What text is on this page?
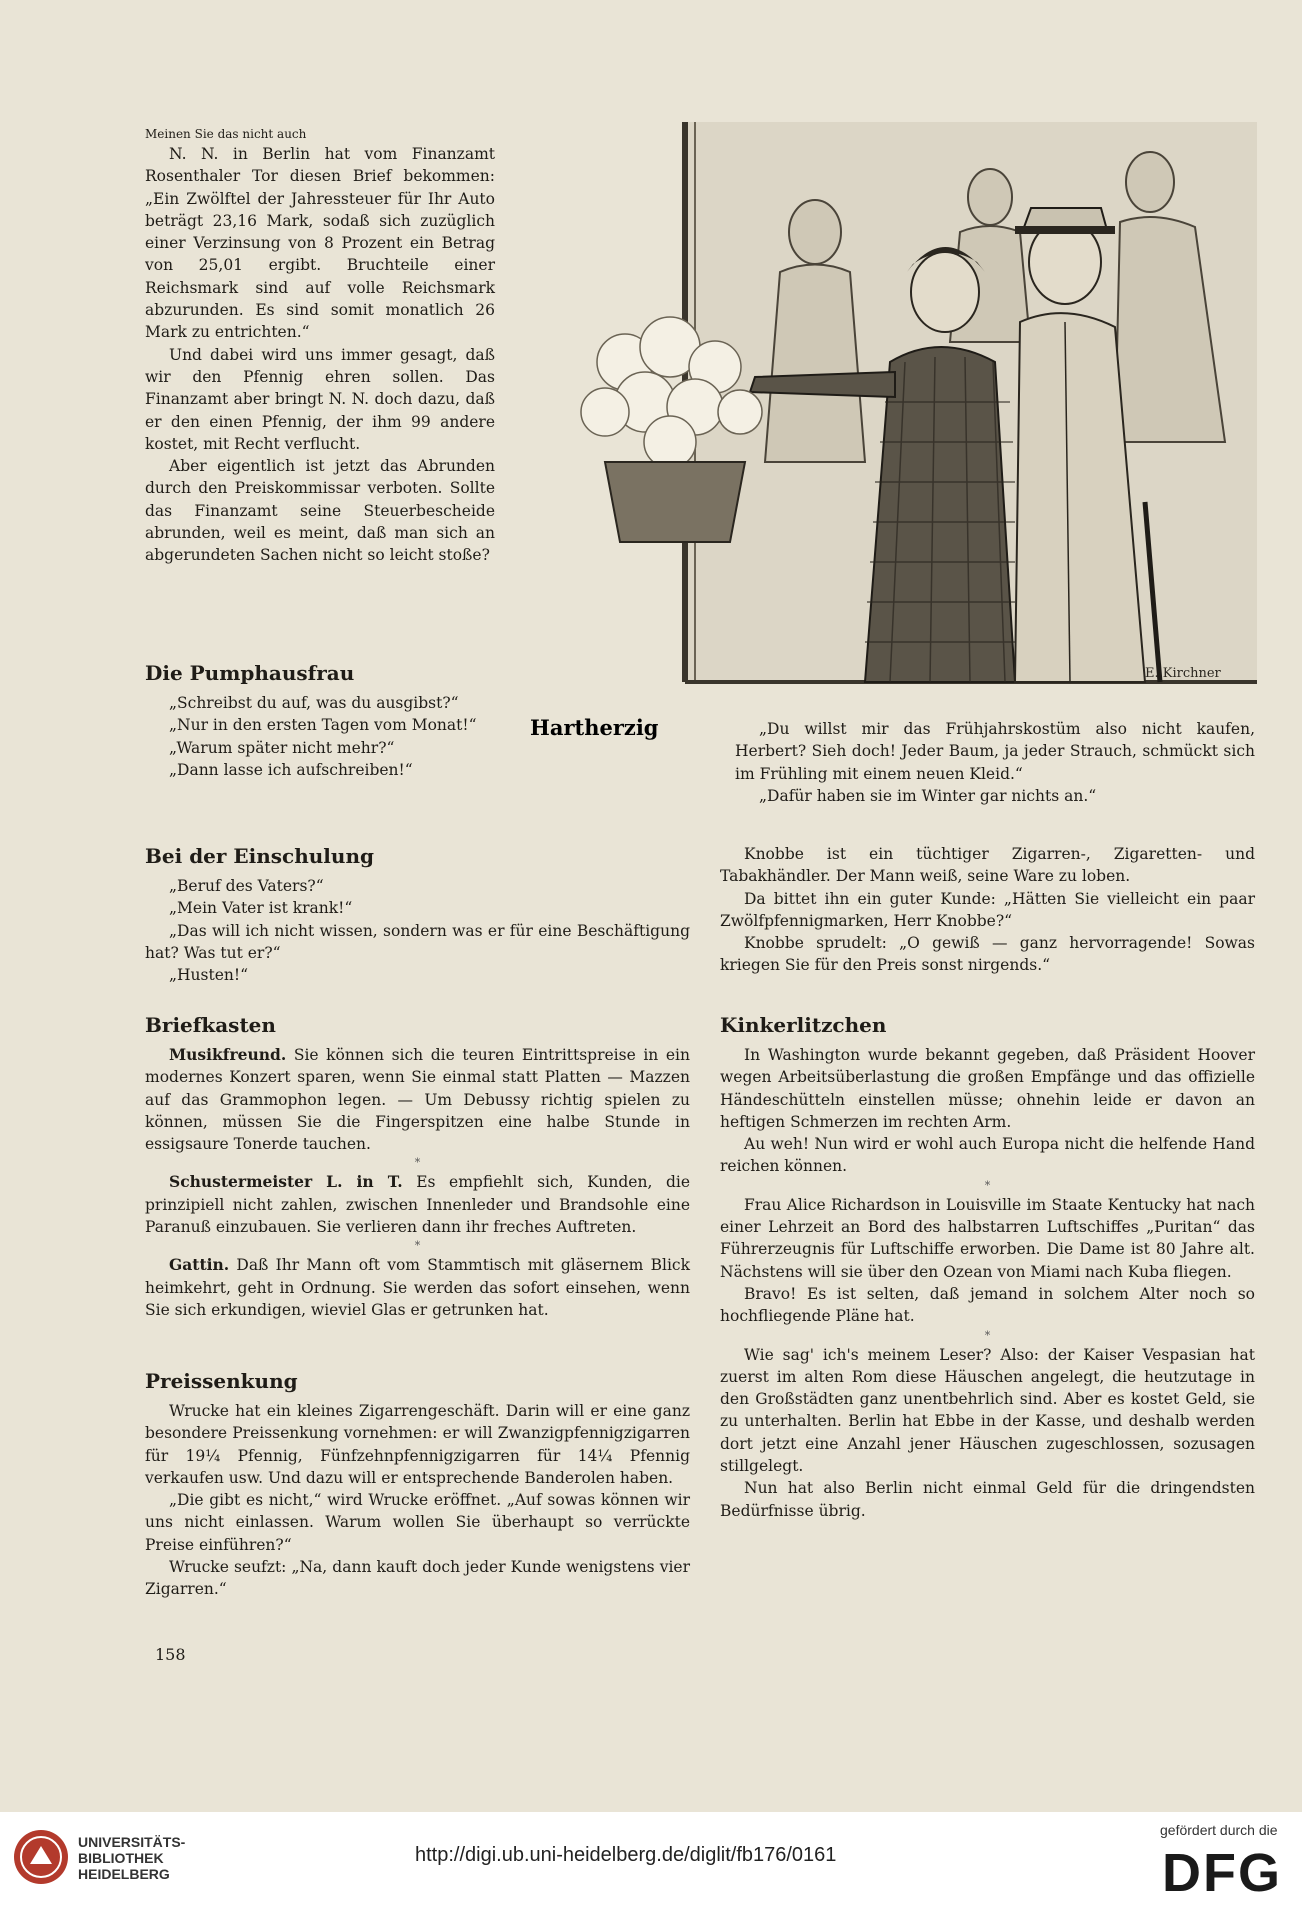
Meinen Sie das nicht auch

N. N. in Berlin hat vom Finanzamt Rosenthaler Tor diesen Brief bekommen: „Ein Zwölftel der Jahressteuer für Ihr Auto beträgt 23,16 Mark, sodaß sich zuzüglich einer Verzinsung von 8 Prozent ein Betrag von 25,01 ergibt. Bruchteile einer Reichsmark sind auf volle Reichsmark abzurunden. Es sind somit monatlich 26 Mark zu entrichten.“

Und dabei wird uns immer gesagt, daß wir den Pfennig ehren sollen. Das Finanzamt aber bringt N. N. doch dazu, daß er den einen Pfennig, der ihm 99 andere kostet, mit Recht verflucht.

Aber eigentlich ist jetzt das Abrunden durch den Preiskommissar verboten. Sollte das Finanzamt seine Steuerbescheide abrunden, weil es meint, daß man sich an abgerundeten Sachen nicht so leicht stoße?

E. Kirchner
Hartherzig	„Du willst mir das Frühjahrskostüm also nicht kaufen, Herbert? Sieh doch! Jeder Baum, ja jeder Strauch, schmückt sich im Frühling mit einem neuen Kleid.“

„Dafür haben sie im Winter gar nichts an.“

Die Pumphausfrau

„Schreibst du auf, was du ausgibst?“

„Nur in den ersten Tagen vom Monat!“

„Warum später nicht mehr?“

„Dann lasse ich aufschreiben!“

Bei der Einschulung

„Beruf des Vaters?“

„Mein Vater ist krank!“

„Das will ich nicht wissen, sondern was er für eine Beschäftigung hat? Was tut er?“

„Husten!“

Knobbe ist ein tüchtiger Zigarren-, Zigaretten- und Tabakhändler. Der Mann weiß, seine Ware zu loben.

Da bittet ihn ein guter Kunde: „Hätten Sie vielleicht ein paar Zwölfpfennigmarken, Herr Knobbe?“

Knobbe sprudelt: „O gewiß — ganz hervorragende! Sowas kriegen Sie für den Preis sonst nirgends.“

Briefkasten

Musikfreund. Sie können sich die teuren Eintrittspreise in ein modernes Konzert sparen, wenn Sie einmal statt Platten — Mazzen auf das Grammophon legen. — Um Debussy richtig spielen zu können, müssen Sie die Fingerspitzen eine halbe Stunde in essigsaure Tonerde tauchen.

*

Schustermeister L. in T. Es empfiehlt sich, Kunden, die prinzipiell nicht zahlen, zwischen Innenleder und Brandsohle eine Paranuß einzubauen. Sie verlieren dann ihr freches Auftreten.

*

Gattin. Daß Ihr Mann oft vom Stammtisch mit gläsernem Blick heimkehrt, geht in Ordnung. Sie werden das sofort einsehen, wenn Sie sich erkundigen, wieviel Glas er getrunken hat.

Preissenkung

Wrucke hat ein kleines Zigarrengeschäft. Darin will er eine ganz besondere Preissenkung vornehmen: er will Zwanzigpfennigzigarren für 19¼ Pfennig, Fünfzehnpfennigzigarren für 14¼ Pfennig verkaufen usw. Und dazu will er entsprechende Banderolen haben.

„Die gibt es nicht,“ wird Wrucke eröffnet. „Auf sowas können wir uns nicht einlassen. Warum wollen Sie überhaupt so verrückte Preise einführen?“

Wrucke seufzt: „Na, dann kauft doch jeder Kunde wenigstens vier Zigarren.“

Kinkerlitzchen

In Washington wurde bekannt gegeben, daß Präsident Hoover wegen Arbeitsüberlastung die großen Empfänge und das offizielle Händeschütteln einstellen müsse; ohnehin leide er davon an heftigen Schmerzen im rechten Arm.

Au weh! Nun wird er wohl auch Europa nicht die helfende Hand reichen können.

*

Frau Alice Richardson in Louisville im Staate Kentucky hat nach einer Lehrzeit an Bord des halbstarren Luftschiffes „Puritan“ das Führerzeugnis für Luftschiffe erworben. Die Dame ist 80 Jahre alt. Nächstens will sie über den Ozean von Miami nach Kuba fliegen.

Bravo! Es ist selten, daß jemand in solchem Alter noch so hochfliegende Pläne hat.

*

Wie sag' ich's meinem Leser? Also: der Kaiser Vespasian hat zuerst im alten Rom diese Häuschen angelegt, die heutzutage in den Großstädten ganz unentbehrlich sind. Aber es kostet Geld, sie zu unterhalten. Berlin hat Ebbe in der Kasse, und deshalb werden dort jetzt eine Anzahl jener Häuschen zugeschlossen, sozusagen stillgelegt.

Nun hat also Berlin nicht einmal Geld für die dringendsten Bedürfnisse übrig.

158
UNIVERSITÄTS-
BIBLIOTHEK
HEIDELBERG
http://digi.ub.uni-heidelberg.de/diglit/fb176/0161
gefördert durch die
DFG
